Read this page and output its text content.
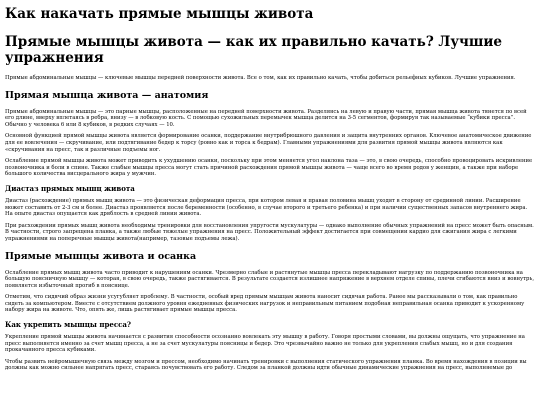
Как накачать прямые мышцы живота
Прямые мышцы живота — как их правильно качать? Лучшие упражнения

Прямые абдоминальные мышцы — ключевые мышцы передней поверхности живота. Все о том, как их правильно качать, чтобы добиться рельефных кубиков. Лучшие упражнения.

Прямая мышца живота — анатомия

Прямые абдоминальные мышцы — это парные мышцы, расположенные на передней поверхности живота. Разделяясь на левую и правую части, прямая мышца живота тянется по всей его длине, вверху вплетаясь в ребра, внизу — в лобковую кость. С помощью сухожильных перемычек мышца делится на 3-5 сегментов, формируя так называемые “кубики пресса”. Обычно у человека 6 или 8 кубиков, в редких случаях — 10.

Основной функцией прямой мышцы живота является формирование осанки, поддержание внутрибрюшного давления и защита внутренних органов. Ключевое анатомическое движение для ее вовлечения — скручивание, или подтягивание бедер к торсу (ровно как и торса к бедрам). Главными упражнениями для развития прямой мышцы живота являются как «скручивания на пресс, так и различные подъемы ног.

Ослабление прямой мышцы живота может приводить к ухудшению осанки, поскольку при этом меняется угол наклона таза — это, в свою очередь, способно провоцировать искривление позвоночника и боли в спине. Также слабые мышцы пресса могут стать причиной расхождения прямой мышцы живота — чаще всего во время родов у женщин, а также при наборе большого количества висцерального жира у мужчин.

Диастаз прямых мышц живота

Диастаз (расхождение) прямых мышц живота — это физическая деформация пресса, при котором левая и правая половина мышц уходят в сторону от срединной линии. Расширение может составить от 2-3 см и более. Диастаз проявляется после беременности (особенно, в случае второго и третьего ребенка) и при наличии существенных запасов внутреннего жира. На опыте диастаз опущается как дряблость в средней линии живота.

При расхождении прямых мышц живота необходимы тренировки для восстановления упругости мускулатуры — однако выполнение обычных упражнений на пресс может быть опасным. В частности, строго запрещена планка, а также любые тяжелые упражнения на пресс. Положительный эффект достигается при совмещении кардио для сжигания жира с легкими упражнениями на поперечные мышцы живота(например, тазовые подъемы лежа).

Прямые мышцы живота и осанка

Ослабление прямых мышц живота часто приводит к нарушениям осанки. Чрезмерно слабые и растянутые мышцы пресса перекладывают нагрузку по поддержанию позвоночника на большую поясничную мышцу — которая, в свою очередь, также растягивается. В результате создается излишнее напряжение в верхнем отделе спины, плечи сгибаются вниз и вовнутрь, появляется избыточный прогиб в пояснице.

Отметим, что сидячий образ жизни усугубляет проблему. В частности, особый вред прямым мышцам живота наносит сидячая работа. Ранее мы рассказывали о том, как правильно сидеть за компьютером. Вместе с отсутствием должного уровня ежедневных физических нагрузок и неправильным питанием подобная неправильная осанка приводит к ускоренному набору жира на животе. Что, опять же, лишь растягивает прямые мышцы пресса.

Как укрепить мышцы пресса?

Укрепление прямой мышцы живота начинается с развития способности осознанно вовлекать эту мышцу в работу. Говоря простыми словами, вы должны ощущать, что упражнение на пресс выполняется именно за счет мышц пресса, а не за счет мускулатуры поясницы и бедер. Это чрезвычайно важно не только для укрепления слабых мышц, но и для создания прокачанного пресса кубиками.

Чтобы развить нейромышечную связь между мозгом и прессом, необходимо начинать тренировки с выполнения статического упражнения планка. Во время нахождения в позиции вы должны как можно сильнее напрягать пресс, стараясь почувствовать его работу. Следом за планкой должны идти обычные динамические упражнения на пресс, выполняемые до
